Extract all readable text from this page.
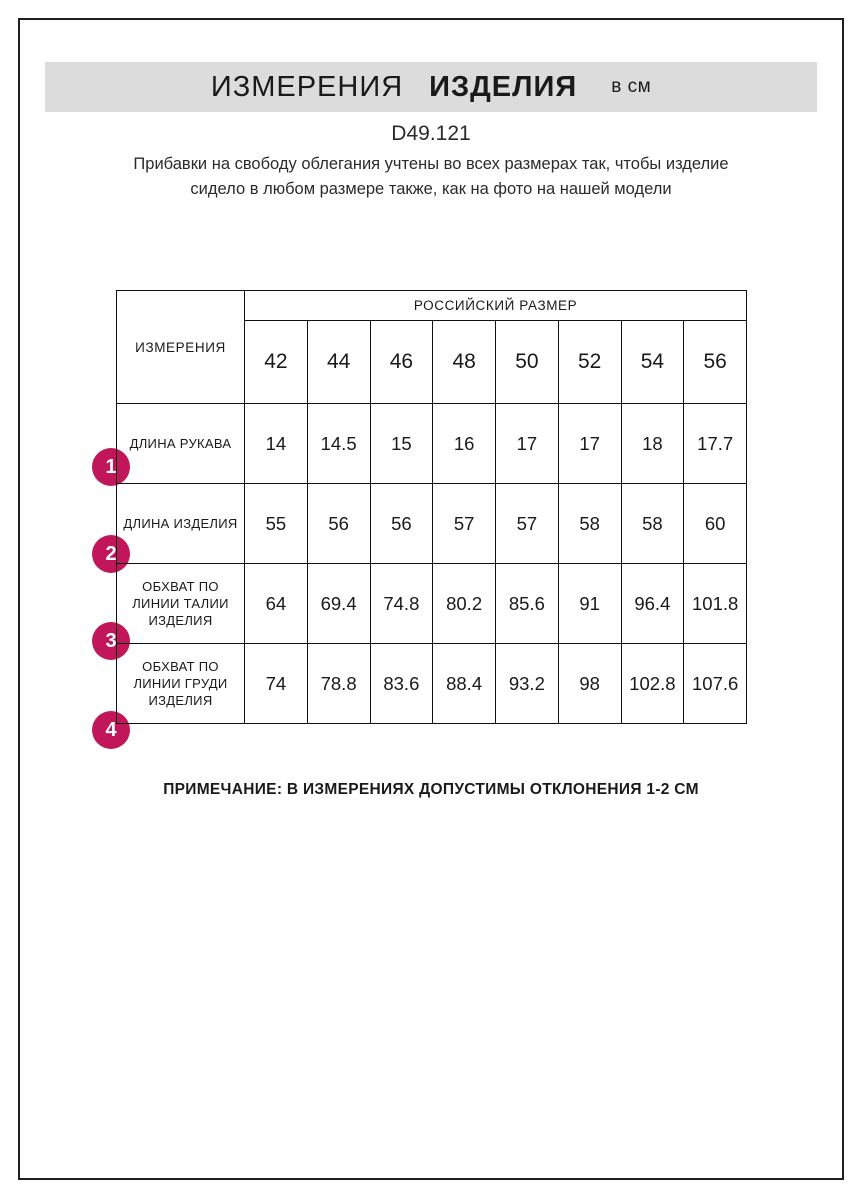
ИЗМЕРЕНИЯ ИЗДЕЛИЯ в см
D49.121
Прибавки на свободу облегания учтены во всех размерах так, чтобы изделие сидело в любом размере также, как на фото на нашей модели
1
2
3
4
ИЗМЕРЕНИЯ	РОССИЙСКИЙ РАЗМЕР							
	42	44	46	48	50	52	54	56
ДЛИНА РУКАВА	14	14.5	15	16	17	17	18	17.7
ДЛИНА ИЗДЕЛИЯ	55	56	56	57	57	58	58	60
ОБХВАТ ПО ЛИНИИ ТАЛИИ ИЗДЕЛИЯ	64	69.4	74.8	80.2	85.6	91	96.4	101.8
ОБХВАТ ПО ЛИНИИ ГРУДИ ИЗДЕЛИЯ	74	78.8	83.6	88.4	93.2	98	102.8	107.6
ПРИМЕЧАНИЕ: В ИЗМЕРЕНИЯХ ДОПУСТИМЫ ОТКЛОНЕНИЯ 1-2 СМ
